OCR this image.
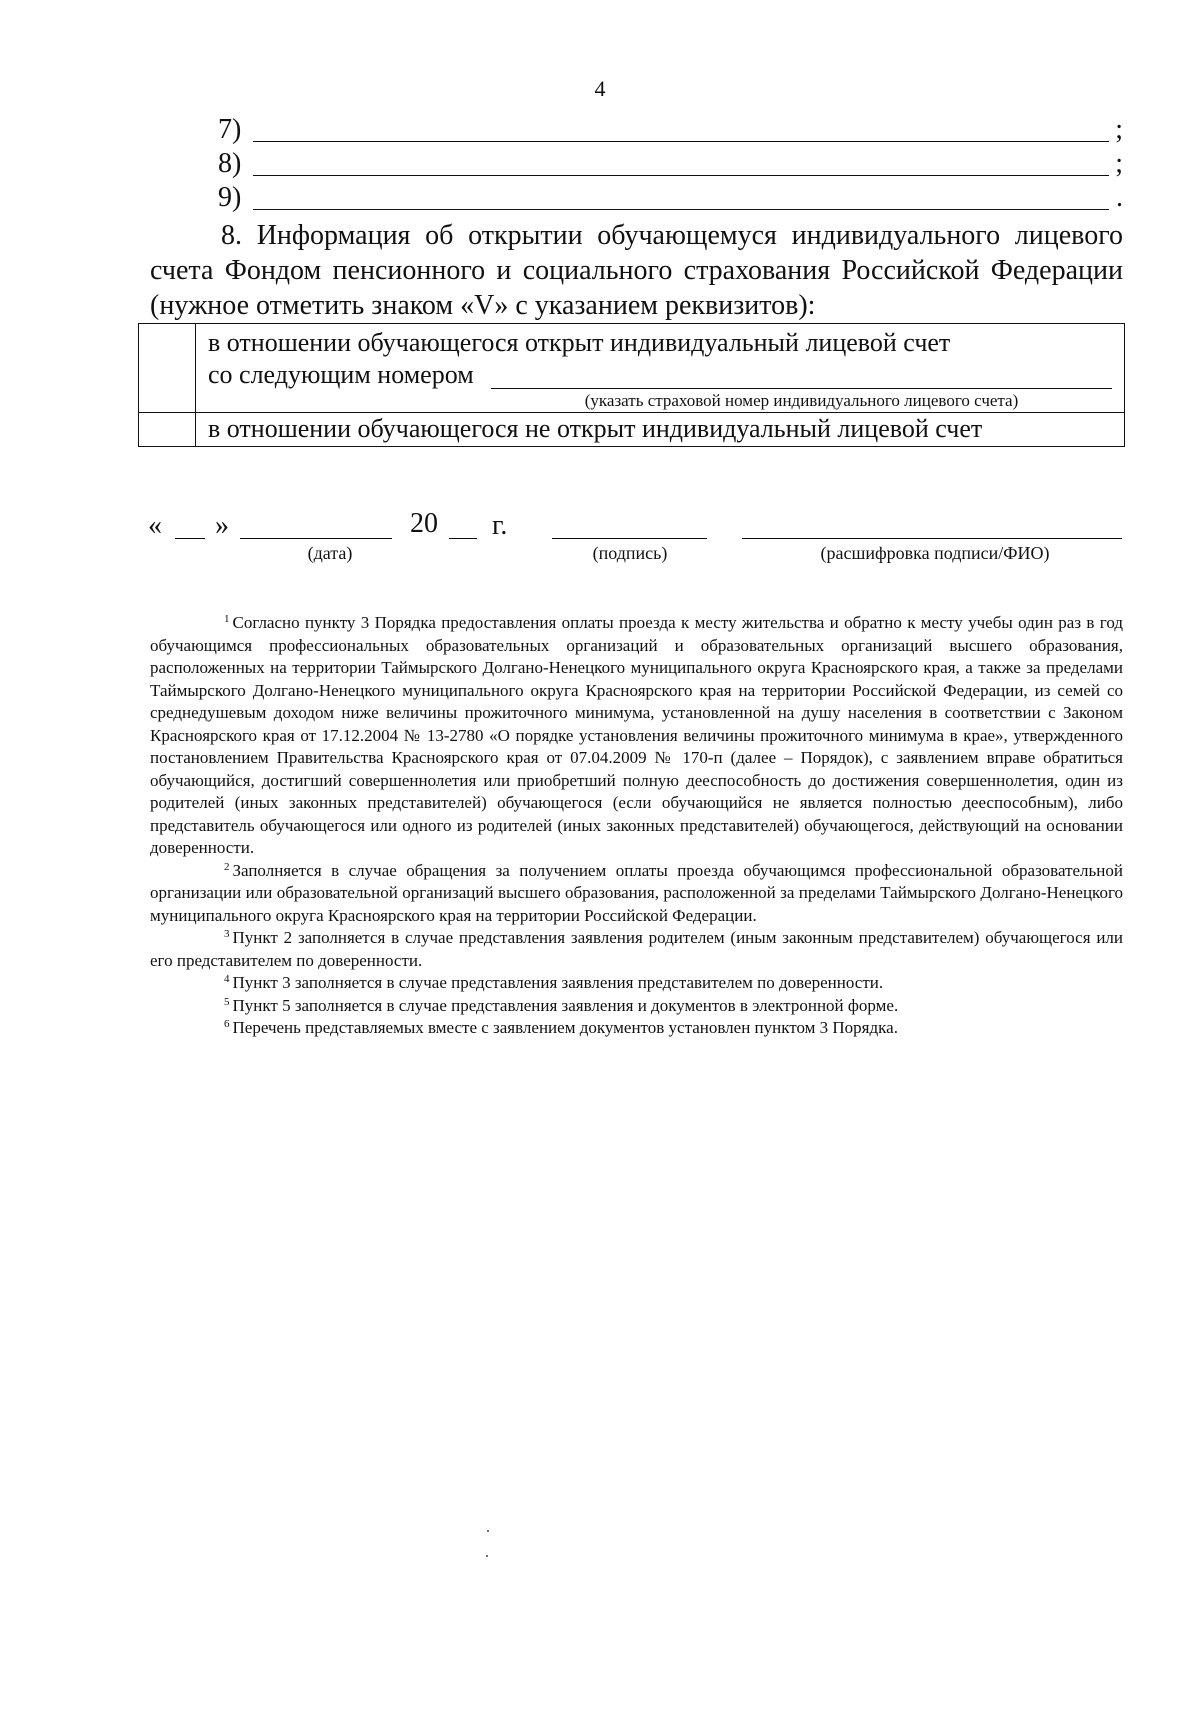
4
7)	;
8)	;
9)	.

8. Информация об открытии обучающемуся индивидуального лицевого счета Фондом пенсионного и социального страхования Российской Федерации (нужное отметить знаком «V» с указанием реквизитов):

в отношении обучающегося открыт индивидуальный лицевой счет
со следующим номером
(указать страховой номер индивидуального лицевого счета)
в отношении обучающегося не открыт индивидуальный лицевой счет
« »	20 г.
(дата)	(подпись)	(расшифровка подписи/ФИО)

$^1$ Согласно пункту 3 Порядка предоставления оплаты проезда к месту жительства и обратно к месту учебы один раз в год обучающимся профессиональных образовательных организаций и образовательных организаций высшего образования, расположенных на территории Таймырского Долгано-Ненецкого муниципального округа Красноярского края, а также за пределами Таймырского Долгано-Ненецкого муниципального округа Красноярского края на территории Российской Федерации, из семей со среднедушевым доходом ниже величины прожиточного минимума, установленной на душу населения в соответствии с Законом Красноярского края от 17.12.2004 № 13-2780 «О порядке установления величины прожиточного минимума в крае», утвержденного постановлением Правительства Красноярского края от 07.04.2009 № 170-п (далее – Порядок), с заявлением вправе обратиться обучающийся, достигший совершеннолетия или приобретший полную дееспособность до достижения совершеннолетия, один из родителей (иных законных представителей) обучающегося (если обучающийся не является полностью дееспособным), либо представитель обучающегося или одного из родителей (иных законных представителей) обучающегося, действующий на основании доверенности.

$^2$ Заполняется в случае обращения за получением оплаты проезда обучающимся профессиональной образовательной организации или образовательной организаций высшего образования, расположенной за пределами Таймырского Долгано-Ненецкого муниципального округа Красноярского края на территории Российской Федерации.

$^3$ Пункт 2 заполняется в случае представления заявления родителем (иным законным представителем) обучающегося или его представителем по доверенности.

$^4$ Пункт 3 заполняется в случае представления заявления представителем по доверенности.

$^5$ Пункт 5 заполняется в случае представления заявления и документов в электронной форме.

$^6$ Перечень представляемых вместе с заявлением документов установлен пунктом 3 Порядка.
